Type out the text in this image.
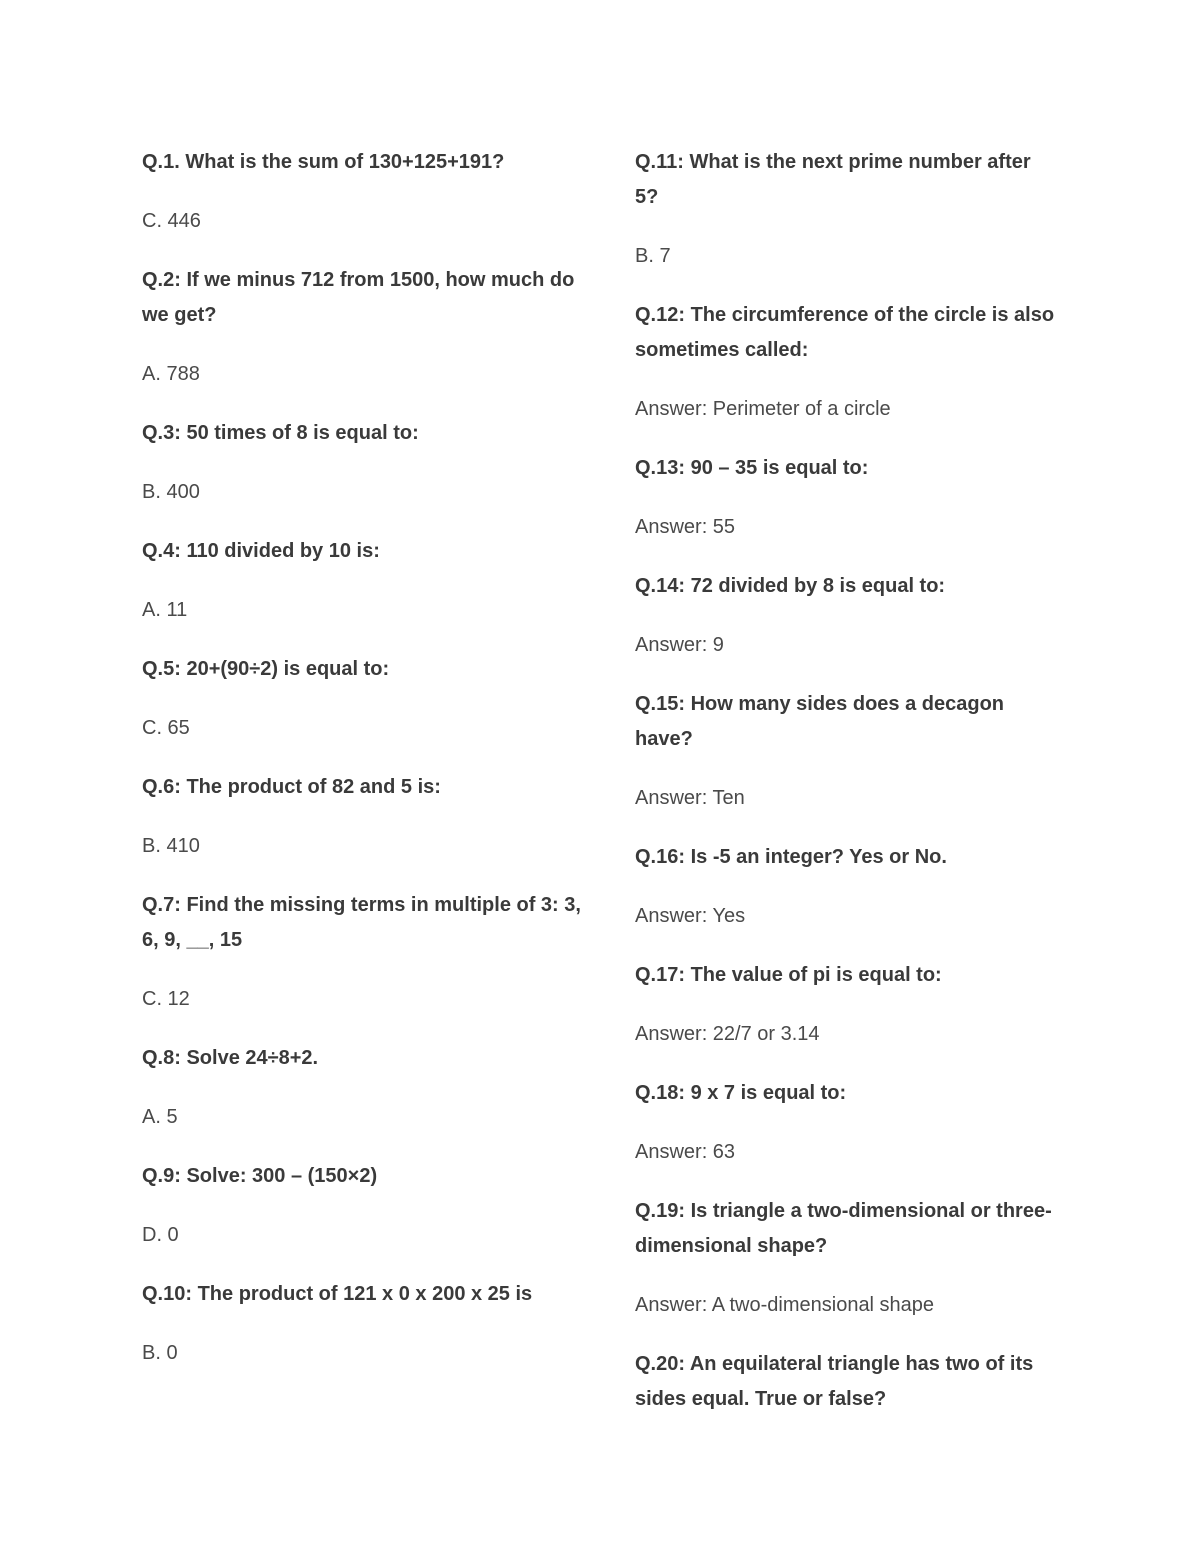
Q.1. What is the sum of 130+125+191?

C. 446

Q.2: If we minus 712 from 1500, how much do we get?

A. 788

Q.3: 50 times of 8 is equal to:

B. 400

Q.4: 110 divided by 10 is:

A. 11

Q.5: 20+(90÷2) is equal to:

C. 65

Q.6: The product of 82 and 5 is:

B. 410

Q.7: Find the missing terms in multiple of 3: 3, 6, 9, __, 15

C. 12

Q.8: Solve 24÷8+2.

A. 5

Q.9: Solve: 300 – (150×2)

D. 0

Q.10: The product of 121 x 0 x 200 x 25 is

B. 0

Q.11: What is the next prime number after 5?

B. 7

Q.12: The circumference of the circle is also sometimes called:

Answer: Perimeter of a circle

Q.13: 90 – 35 is equal to:

Answer: 55

Q.14: 72 divided by 8 is equal to:

Answer: 9

Q.15: How many sides does a decagon have?

Answer: Ten

Q.16: Is -5 an integer? Yes or No.

Answer: Yes

Q.17: The value of pi is equal to:

Answer: 22/7 or 3.14

Q.18: 9 x 7 is equal to:

Answer: 63

Q.19: Is triangle a two-dimensional or three-dimensional shape?

Answer: A two-dimensional shape

Q.20: An equilateral triangle has two of its sides equal. True or false?
